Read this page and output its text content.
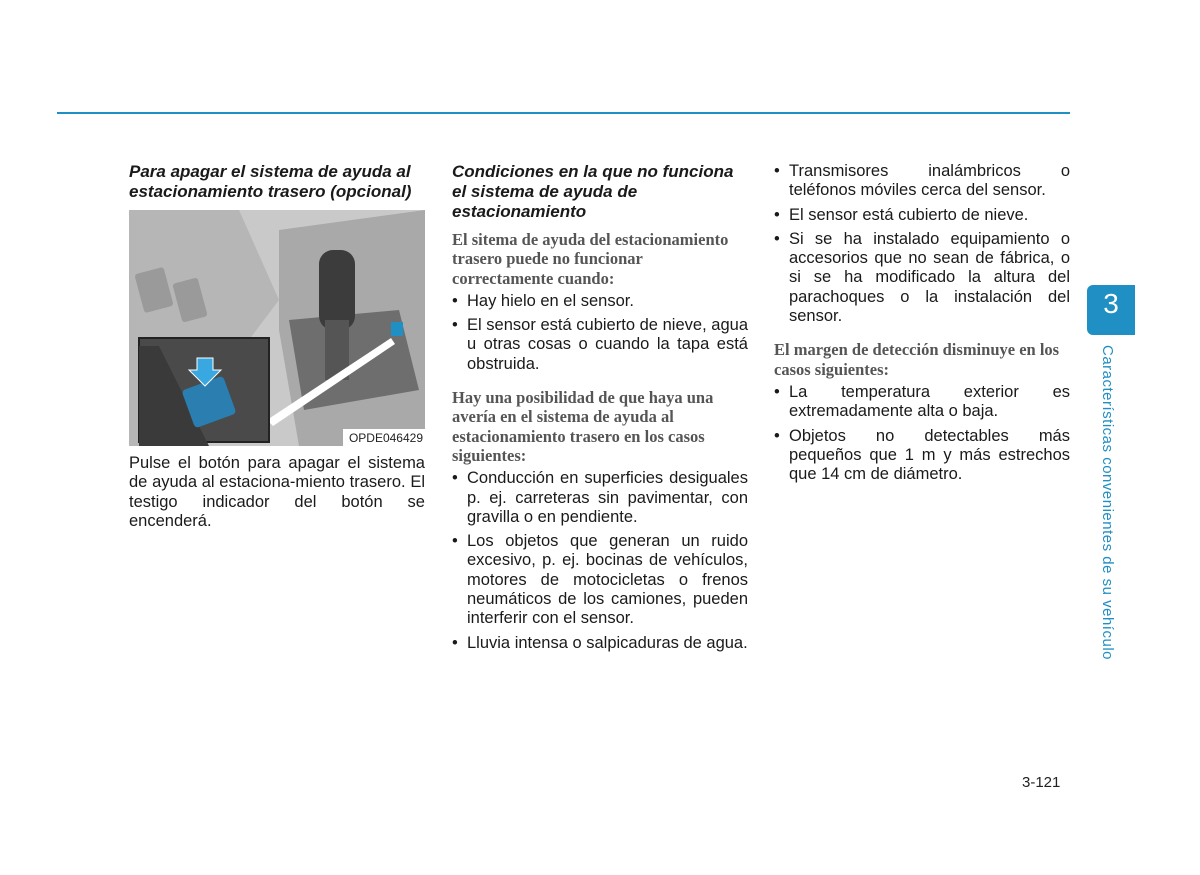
Para apagar el sistema de ayuda al estacionamiento trasero (opcional)
OPDE046429

Pulse el botón para apagar el sistema de ayuda al estaciona-miento trasero. El testigo indicador del botón se encenderá.

Condiciones en la que no funciona el sistema de ayuda de estacionamiento

El sitema de ayuda del estacionamiento trasero puede no funcionar correctamente cuando:

• Hay hielo en el sensor.
• El sensor está cubierto de nieve, agua u otras cosas o cuando la tapa está obstruida.

Hay una posibilidad de que haya una avería en el sistema de ayuda al estacionamiento trasero en los casos siguientes:

• Conducción en superficies desiguales p. ej. carreteras sin pavimentar, con gravilla o en pendiente.
• Los objetos que generan un ruido excesivo, p. ej. bocinas de vehículos, motores de motocicletas o frenos neumáticos de los camiones, pueden interferir con el sensor.
• Lluvia intensa o salpicaduras de agua.
• Transmisores inalámbricos o teléfonos móviles cerca del sensor.
• El sensor está cubierto de nieve.
• Si se ha instalado equipamiento o accesorios que no sean de fábrica, o si se ha modificado la altura del parachoques o la instalación del sensor.

El margen de detección disminuye en los casos siguientes:

• La temperatura exterior es extremadamente alta o baja.
• Objetos no detectables más pequeños que 1 m y más estrechos que 14 cm de diámetro.
3
Características convenientes de su vehículo
3-121
